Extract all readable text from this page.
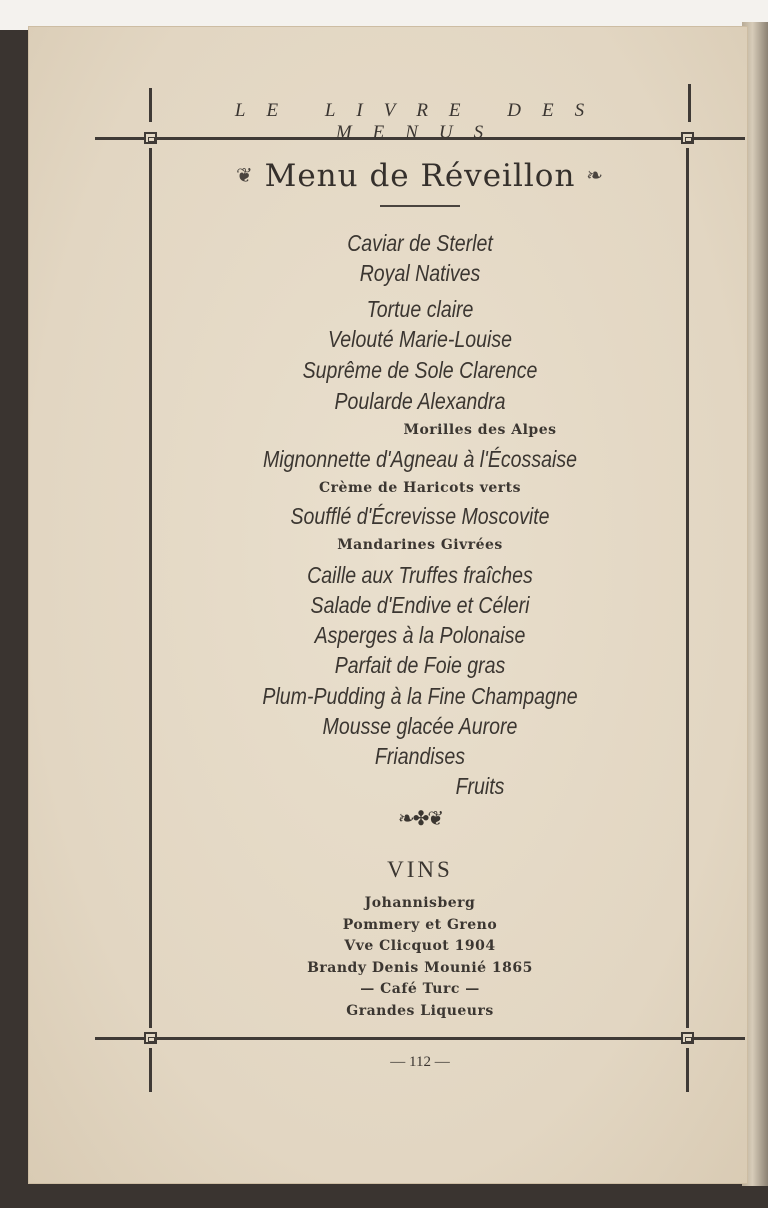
LE LIVRE DES MENUS
❦ Menu de Réveillon ❧
Caviar de Sterlet
Royal Natives
Tortue claire
Velouté Marie-Louise
Suprême de Sole Clarence
Poularde Alexandra
Morilles des Alpes
Mignonnette d'Agneau à l'Écossaise
Crème de Haricots verts
Soufflé d'Écrevisse Moscovite
Mandarines Givrées
Caille aux Truffes fraîches
Salade d'Endive et Céleri
Asperges à la Polonaise
Parfait de Foie gras
Plum-Pudding à la Fine Champagne
Mousse glacée Aurore
Friandises
Fruits
❧✤❦
VINS
Johannisberg
Pommery et Greno
Vve Clicquot 1904
Brandy Denis Mounié 1865
— Café Turc —
Grandes Liqueurs
— 112 —
